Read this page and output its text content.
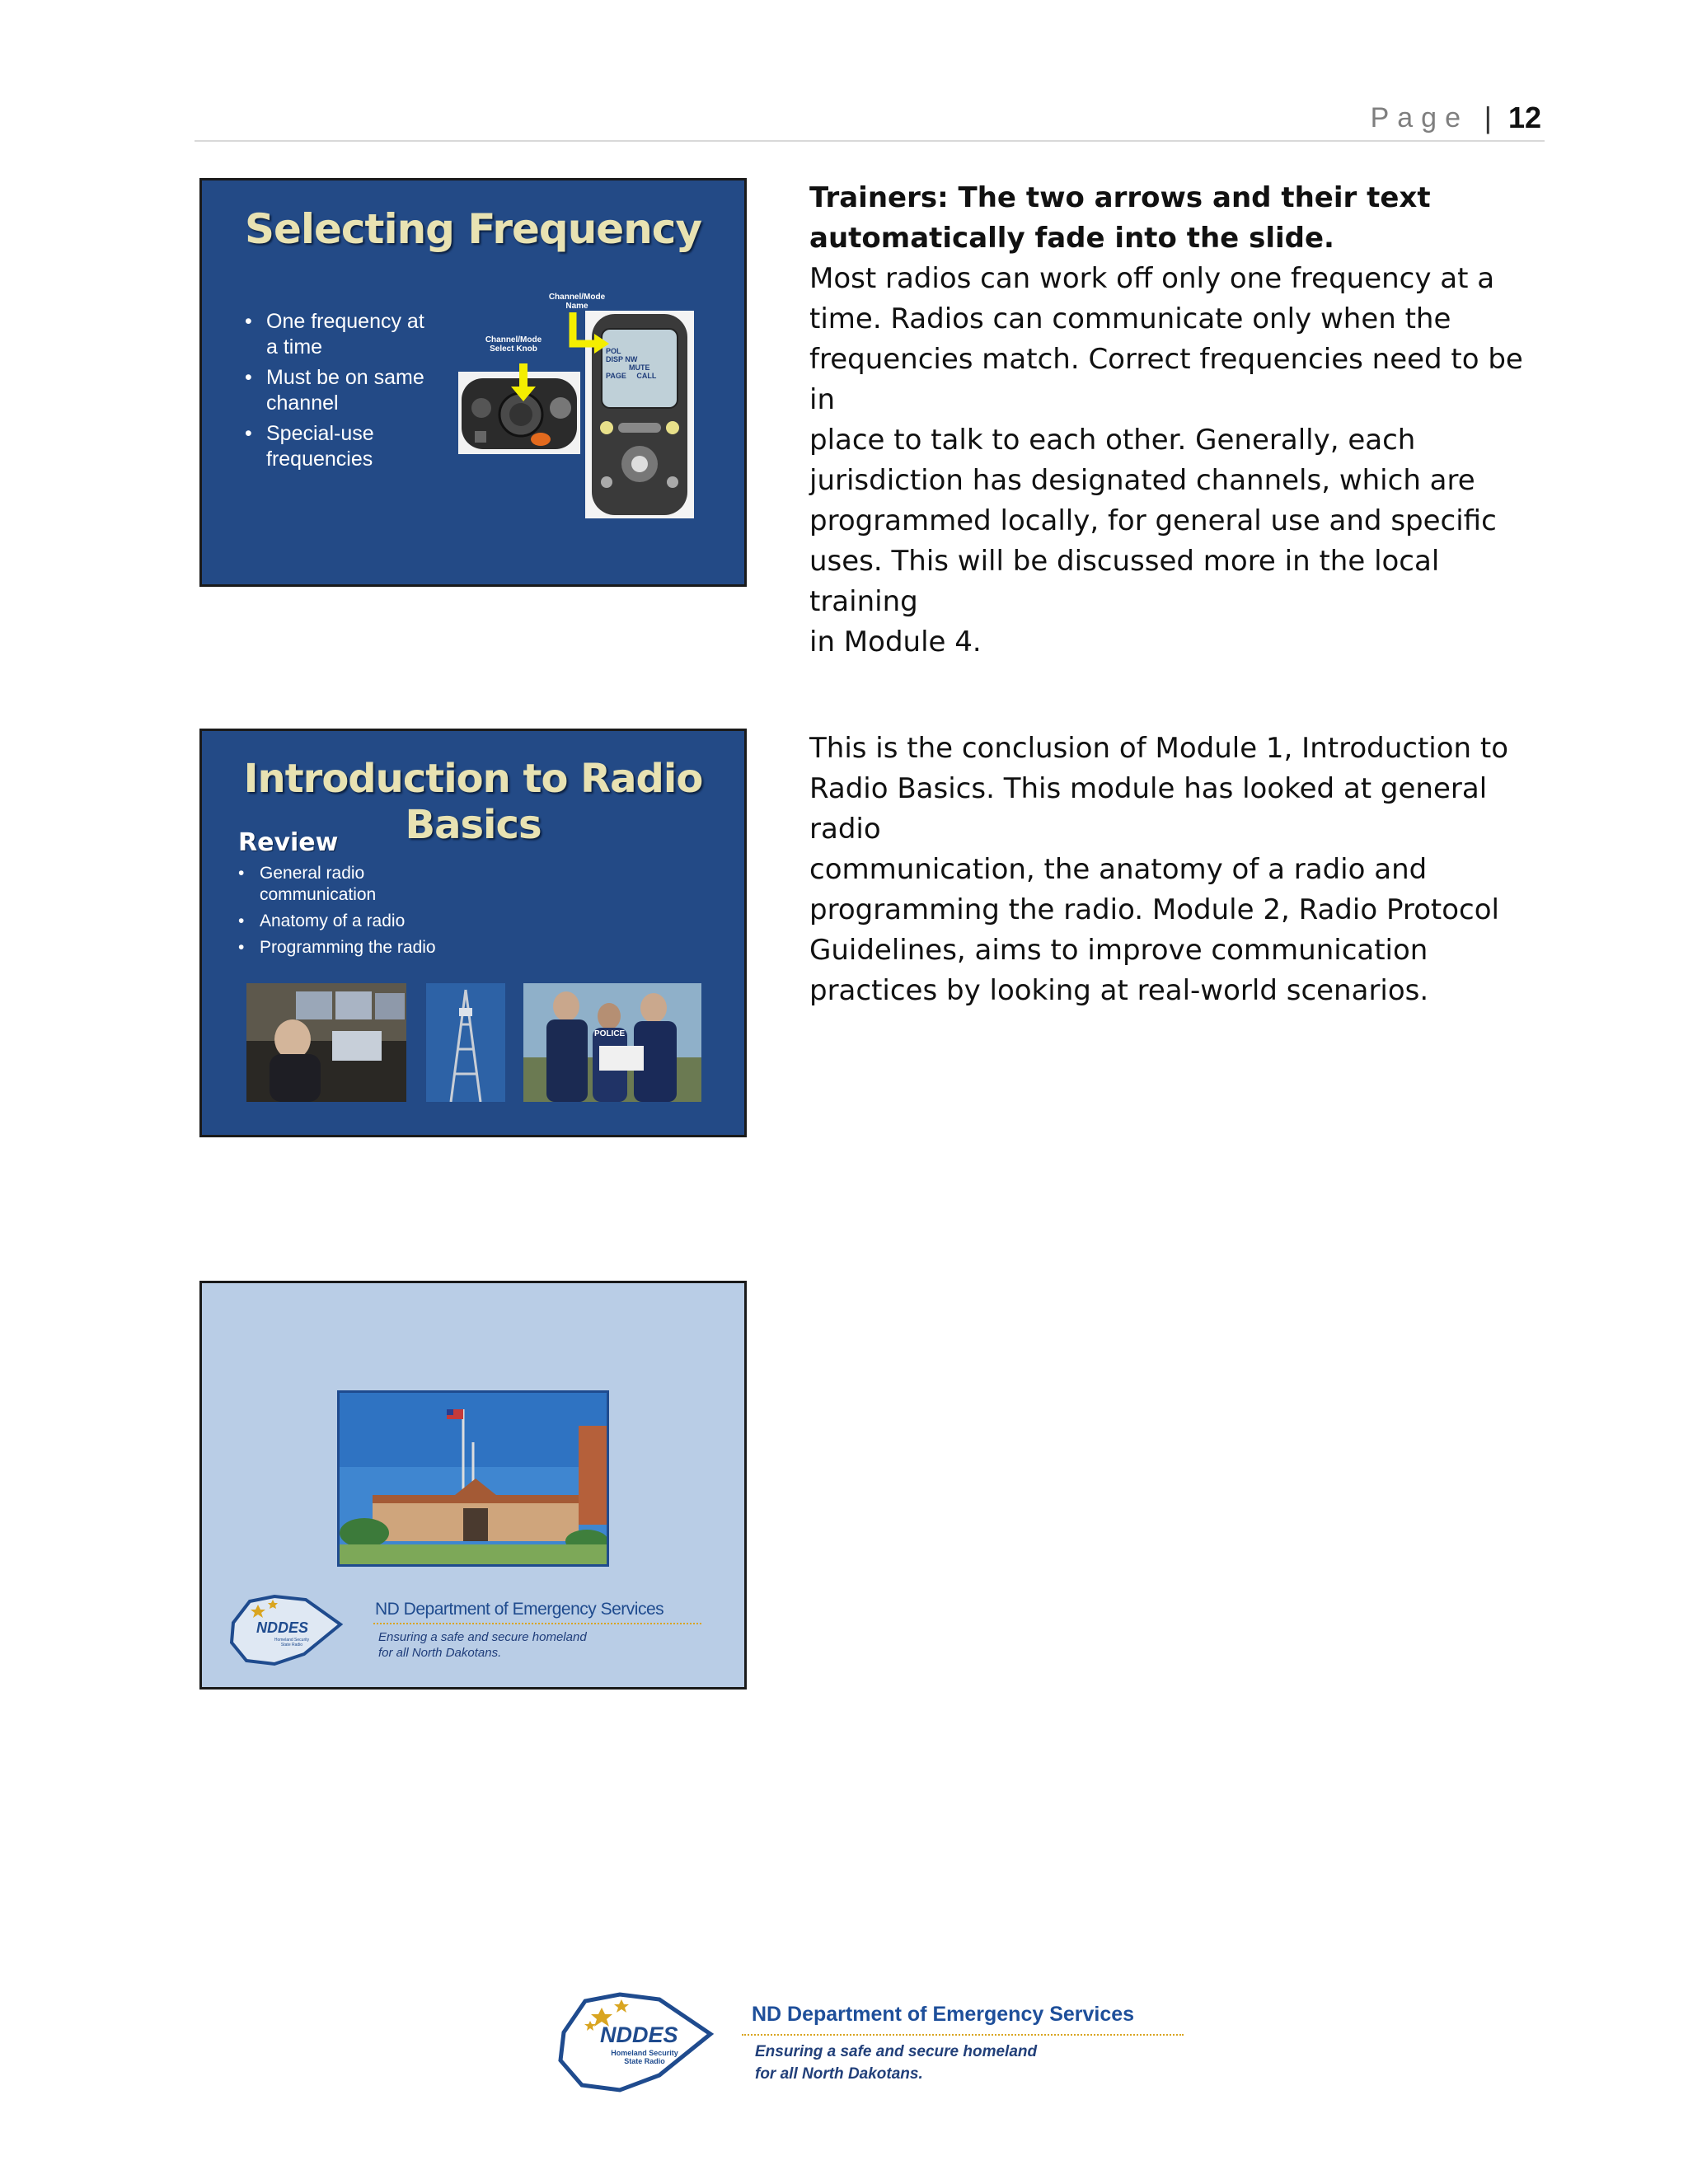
Page | 12
Selecting Frequency
• One frequency at
a time
• Must be on same
channel
• Special-use
frequencies
Channel/Mode
Name
Channel/Mode
Select Knob	POL
DISP NW
MUTE
PAGE CALL
Trainers: The two arrows and their text
automatically fade into the slide.
Most radios can work off only one frequency at a
time. Radios can communicate only when the
frequencies match. Correct frequencies need to be in
place to talk to each other. Generally, each
jurisdiction has designated channels, which are
programmed locally, for general use and specific
uses. This will be discussed more in the local training
in Module 4.
Introduction to Radio Basics
Review
• General radio
communication
• Anatomy of a radio
• Programming the radio
POLICE
This is the conclusion of Module 1, Introduction to
Radio Basics. This module has looked at general radio
communication, the anatomy of a radio and
programming the radio. Module 2, Radio Protocol
Guidelines, aims to improve communication
practices by looking at real-world scenarios.
NDDES
Homeland Security
State Radio
ND Department of Emergency Services
Ensuring a safe and secure homeland
for all North Dakotans.
NDDES
Homeland Security
State Radio
ND Department of Emergency Services
Ensuring a safe and secure homeland
for all North Dakotans.
